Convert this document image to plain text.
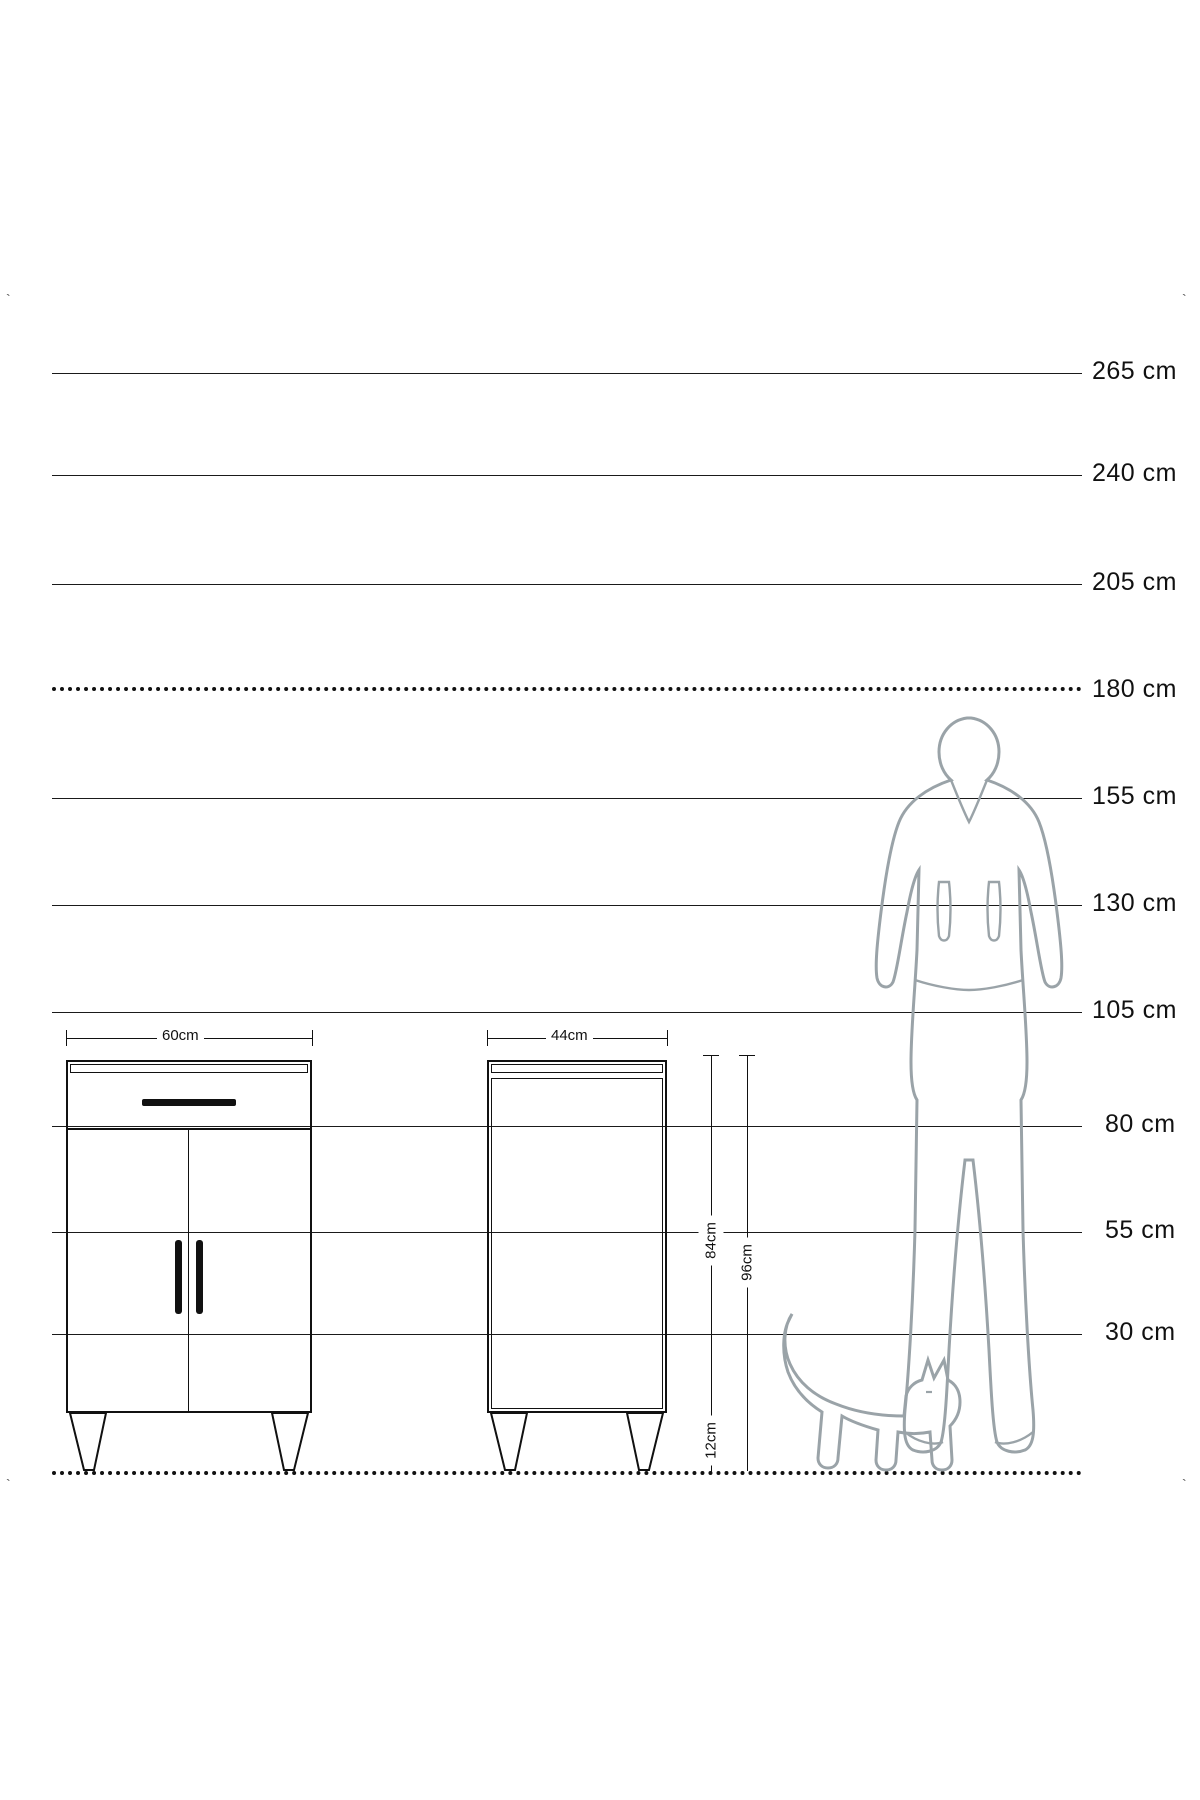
`	`
`	`
265 cm
240 cm
205 cm
180 cm
155 cm
130 cm
105 cm
80 cm
55 cm
30 cm
60cm	44cm
84cm
96cm
12cm
